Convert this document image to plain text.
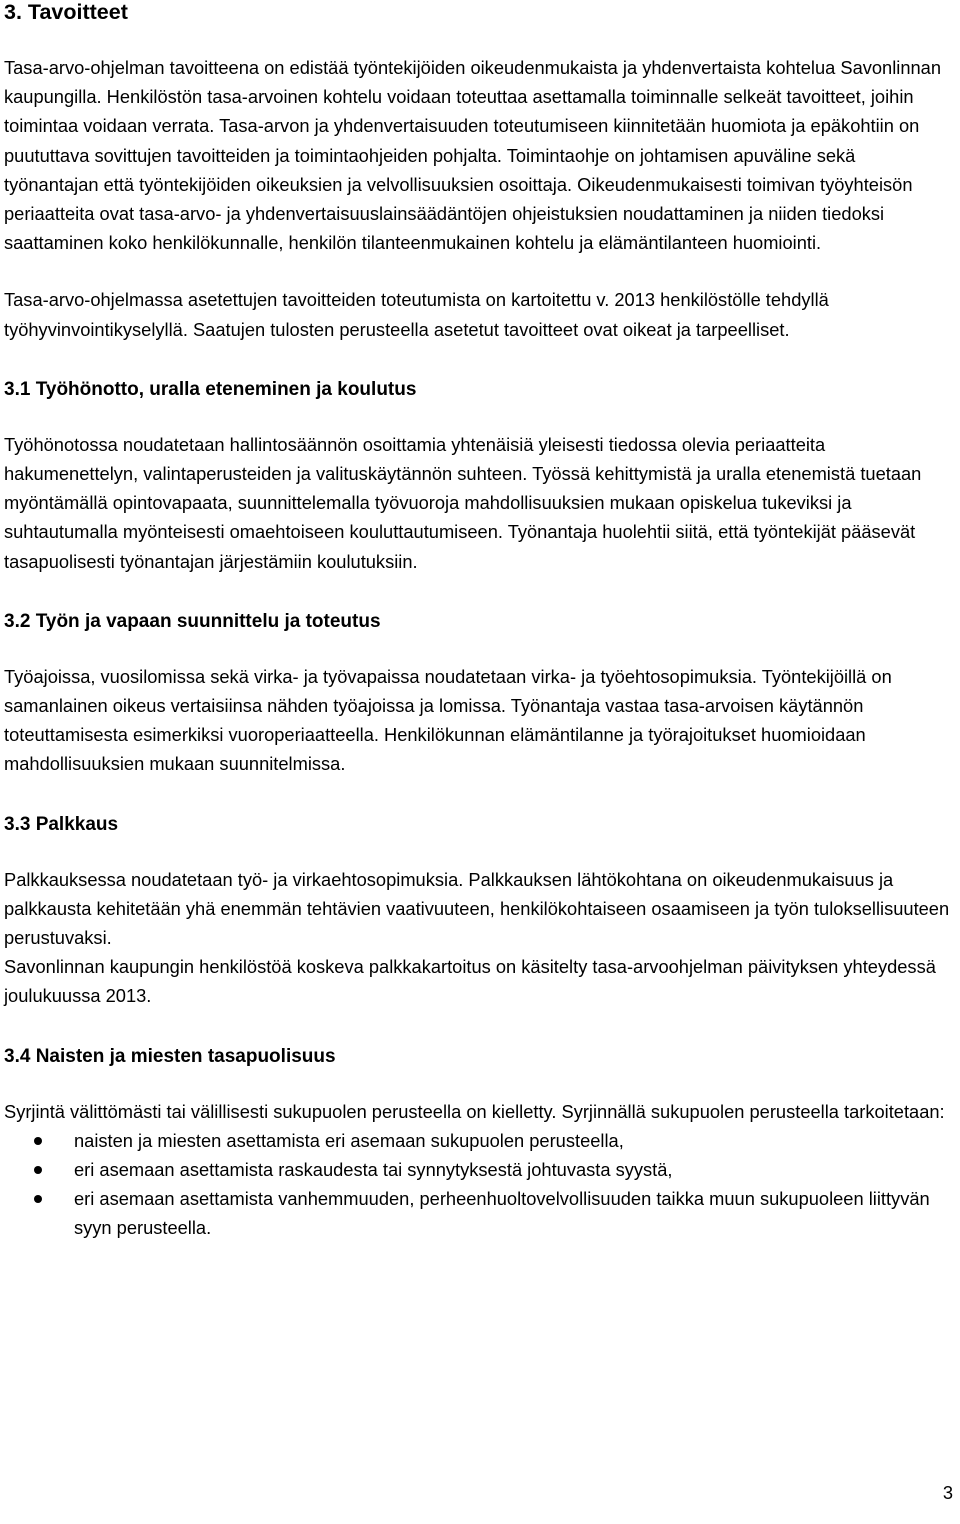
3. Tavoitteet

Tasa-arvo-ohjelman tavoitteena on edistää työntekijöiden oikeudenmukaista ja yhdenvertaista kohtelua Savonlinnan kaupungilla. Henkilöstön tasa-arvoinen kohtelu voidaan toteuttaa asettamalla toiminnalle selkeät tavoitteet, joihin toimintaa voidaan verrata. Tasa-arvon ja yhdenvertaisuuden toteutumiseen kiinnitetään huomiota ja epäkohtiin on puututtava sovittujen tavoitteiden ja toimintaohjeiden pohjalta. Toimintaohje on johtamisen apuväline sekä työnantajan että työntekijöiden oikeuksien ja velvollisuuksien osoittaja. Oikeudenmukaisesti toimivan työyhteisön periaatteita ovat tasa-arvo- ja yhdenvertaisuuslainsäädäntöjen ohjeistuksien noudattaminen ja niiden tiedoksi saattaminen koko henkilökunnalle, henkilön tilanteenmukainen kohtelu ja elämäntilanteen huomiointi.

Tasa-arvo-ohjelmassa asetettujen tavoitteiden toteutumista on kartoitettu v. 2013 henkilöstölle tehdyllä työhyvinvointikyselyllä. Saatujen tulosten perusteella asetetut tavoitteet ovat oikeat ja tarpeelliset.

3.1 Työhönotto, uralla eteneminen ja koulutus

Työhönotossa noudatetaan hallintosäännön osoittamia yhtenäisiä yleisesti tiedossa olevia periaatteita hakumenettelyn, valintaperusteiden ja valituskäytännön suhteen. Työssä kehittymistä ja uralla etenemistä tuetaan myöntämällä opintovapaata, suunnittelemalla työvuoroja mahdollisuuksien mukaan opiskelua tukeviksi ja suhtautumalla myönteisesti omaehtoiseen kouluttautumiseen. Työnantaja huolehtii siitä, että työntekijät pääsevät tasapuolisesti työnantajan järjestämiin koulutuksiin.

3.2 Työn ja vapaan suunnittelu ja toteutus

Työajoissa, vuosilomissa sekä virka- ja työvapaissa noudatetaan virka- ja työehtosopimuksia. Työntekijöillä on samanlainen oikeus vertaisiinsa nähden työajoissa ja lomissa. Työnantaja vastaa tasa-arvoisen käytännön toteuttamisesta esimerkiksi vuoroperiaatteella. Henkilökunnan elämäntilanne ja työrajoitukset huomioidaan mahdollisuuksien mukaan suunnitelmissa.

3.3 Palkkaus

Palkkauksessa noudatetaan työ- ja virkaehtosopimuksia. Palkkauksen lähtökohtana on oikeudenmukaisuus ja palkkausta kehitetään yhä enemmän tehtävien vaativuuteen, henkilökohtaiseen osaamiseen ja työn tuloksellisuuteen perustuvaksi.

Savonlinnan kaupungin henkilöstöä koskeva palkkakartoitus on käsitelty tasa-arvoohjelman päivityksen yhteydessä joulukuussa 2013.

3.4 Naisten ja miesten tasapuolisuus

Syrjintä välittömästi tai välillisesti sukupuolen perusteella on kielletty. Syrjinnällä sukupuolen perusteella tarkoitetaan:

naisten ja miesten asettamista eri asemaan sukupuolen perusteella,
eri asemaan asettamista raskaudesta tai synnytyksestä johtuvasta syystä,
eri asemaan asettamista vanhemmuuden, perheenhuoltovelvollisuuden taikka muun sukupuoleen liittyvän syyn perusteella.
3
